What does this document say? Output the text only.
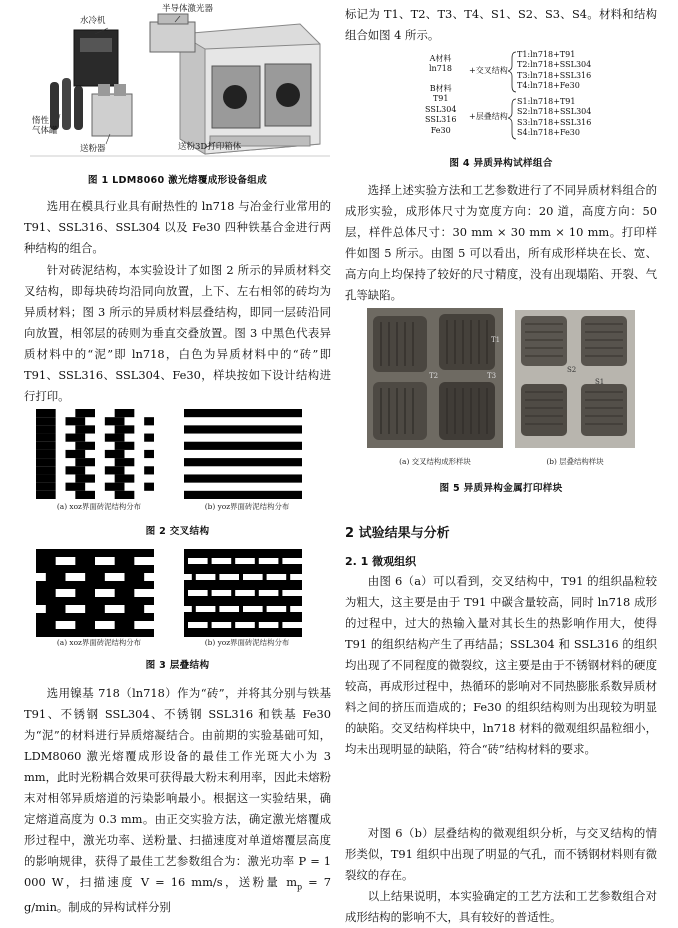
水冷机
半导体激光器
惰性
气体罐
送粉器	送粉3D打印箱体
图 1 LDM8060 激光熔覆成形设备组成
选用在模具行业具有耐热性的 ln718 与冶金行业常用的 T91、SSL316、SSL304 以及 Fe30 四种铁基合金进行两种结构的组合。
针对砖泥结构，本实验设计了如图 2 所示的异质材料交叉结构，即每块砖均沿同向放置，上下、左右相邻的砖均为异质材料；图 3 所示的异质材料层叠结构，即同一层砖沿同向放置，相邻层的砖则为垂直交叠放置。图 3 中黑色代表异质材料中的“泥”即 ln718，白色为异质材料中的“砖”即 T91、SSL316、SSL304、Fe30，样块按如下设计结构进行打印。
(a) xoz界面砖泥结构分布	(b) yoz界面砖泥结构分布
图 2 交叉结构
(a) xoz界面砖泥结构分布	(b) yoz界面砖泥结构分布
图 3 层叠结构
选用镍基 718（ln718）作为“砖”，并将其分别与铁基 T91、不锈钢 SSL304、不锈钢 SSL316 和铁基 Fe30 为“泥”的材料进行异质熔凝结合。由前期的实验基础可知，LDM8060 激光熔覆成形设备的最佳工作光斑大小为 3 mm，此时光粉耦合效果可获得最大粉末利用率，因此未熔粉末对相邻异质熔道的污染影响最小。根据这一实验结果，确定熔道高度为 0.3 mm。由正交实验方法，确定激光熔覆成形过程中，激光功率、送粉量、扫描速度对单道熔覆层高度的影响规律，获得了最佳工艺参数组合为：激光功率 P = 1 000 W，扫描速度 V = 16 mm/s，送粉量 $m_p = 7$ g/min。制成的异构试样分别
标记为 T1、T2、T3、T4、S1、S2、S3、S4。材料和结构组合如图 4 所示。
A材料
ln718
B材料
T91
SSL304
SSL316
Fe30
+交叉结构
+层叠结构
T1:ln718+T91
T2:ln718+SSL304
T3:ln718+SSL316
T4:ln718+Fe30
S1:ln718+T91
S2:ln718+SSL304
S3:ln718+SSL316
S4:ln718+Fe30
图 4 异质异构试样组合
选择上述实验方法和工艺参数进行了不同异质材料组合的成形实验，成形体尺寸为宽度方向：20 道，高度方向：50 层，样件总体尺寸：30 mm × 30 mm × 10 mm。打印样件如图 5 所示。由图 5 可以看出，所有成形样块在长、宽、高方向上均保持了较好的尺寸精度，没有出现塌陷、开裂、气孔等缺陷。
T1
T2	T3
S1
S2
(a) 交叉结构成形样块	(b) 层叠结构样块
图 5 异质异构金属打印样块
2 试验结果与分析
2. 1 微观组织
由图 6（a）可以看到，交叉结构中，T91 的组织晶粒较为粗大，这主要是由于 T91 中碳含量较高，同时 ln718 成形的过程中，过大的热输入量对其长生的热影响作用大，使得 T91 的组织结构产生了再结晶；SSL304 和 SSL316 的组织均出现了不同程度的微裂纹，这主要是由于不锈钢材料的硬度较高，再成形过程中，热循环的影响对不同热膨胀系数异质材料之间的挤压而造成的；Fe30 的组织结构则为出现较为明显的缺陷。交叉结构样块中，ln718 材料的微观组织晶粒细小，均未出现明显的缺陷，符合“砖”结构材料的要求。
对图 6（b）层叠结构的微观组织分析，与交叉结构的情形类似，T91 组织中出现了明显的气孔，而不锈钢材料则有微裂纹的存在。
以上结果说明，本实验确定的工艺方法和工艺参数组合对成形结构的影响不大，具有较好的普适性。
